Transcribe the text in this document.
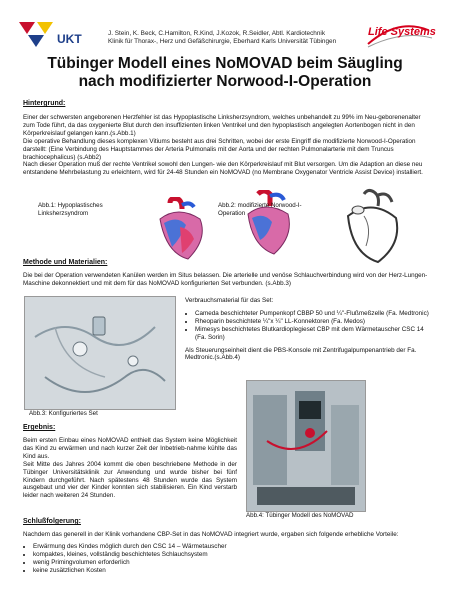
UKT	J. Stein, K. Beck, C.Hamilton, R.Kind, J.Kozok, R.Seidler, Abtl. Kardiotechnik
Klinik für Thorax-, Herz und Gefäßchirurgie, Eberhard Karls Universität Tübingen
Life Systems
Tübinger Modell eines NoMOVAD beim Säugling
nach modifizierter Norwood-I-Operation
Hintergrund:
Einer der schwersten angeborenen Herzfehler ist das Hypoplastische Linksherzsyndrom, welches unbehandelt zu 99% im Neu-geborenenalter zum Tode führt, da das oxygenierte Blut durch den insuffizienten linken Ventrikel und den hypoplastisch angelegten Aortenbogen nicht in den Körperkreislauf gelangen kann.(s.Abb.1)
Die operative Behandlung dieses komplexen Vitiums besteht aus drei Schritten, wobei der erste Eingriff die modifizierte Norwood-I-Operation darstellt: (Eine Verbindung des Hauptstammes der Arteria Pulmonalis mit der Aorta und der rechten Pulmonalarterie mit dem Truncus brachiocephalicus) (s.Abb2)
Nach dieser Operation muß der rechte Ventrikel sowohl den Lungen- wie den Körperkreislauf mit Blut versorgen. Um die Adaption an diese neu entstandene Mehrbelastung zu erleichtern, wird für 24-48 Stunden ein NoMOVAD (no Membrane Oxygenator Ventricle Assist Device) installiert.
Abb.1: Hypoplastisches Linksherzsyndrom
Abb.2: modifizierte Norwood-I-Operation
Methode und Materialien:
Die bei der Operation verwendeten Kanülen werden im Situs belassen. Die arterielle und venöse Schlauchverbindung wird von der Herz-Lungen-Maschine dekonnektiert und mit dem für das NoMOVAD konfigurierten Set verbunden. (s.Abb.3)
Abb.3: Konfiguriertes Set
Verbrauchsmaterial für das Set:
• Cameda beschichteter Pumpenkopf CBBP 50 und ¼"-Flußmeßzelle (Fa. Medtronic)
• Rheoparin beschichtete ¼"x ¼" LL-Konnektoren (Fa. Medos)
• Mimesys beschichtetes Blutkardioplegieset CBP mit dem Wärmetauscher CSC 14 (Fa. Sorin)
Als Steuerungseinheit dient die PBS-Konsole mit Zentrifugalpumpenantrieb der Fa. Medtronic.(s.Abb.4)
Ergebnis:
Beim ersten Einbau eines NoMOVAD enthielt das System keine Möglichkeit das Kind zu erwärmen und nach kurzer Zeit der Inbetrieb-nahme kühlte das Kind aus.
Seit Mitte des Jahres 2004 kommt die oben beschriebene Methode in der Tübinger Universitätsklinik zur Anwendung und wurde bisher bei fünf Kindern durchgeführt. Nach spätestens 48 Stunden wurde das System ausgebaut und vier der Kinder konnten sich stabilisieren. Ein Kind verstarb leider nach weiteren 24 Stunden.
Abb.4: Tübinger Modell des NoMOVAD
Schlußfolgerung:
Nachdem das generell in der Klinik vorhandene CBP-Set in das NoMOVAD integriert wurde, ergaben sich folgende erhebliche Vorteile:
• Erwärmung des Kindes möglich durch den CSC 14 – Wärmetauscher
• kompaktes, kleines, vollständig beschichtetes Schlauchsystem
• wenig Primingvolumen erforderlich
• keine zusätzlichen Kosten
